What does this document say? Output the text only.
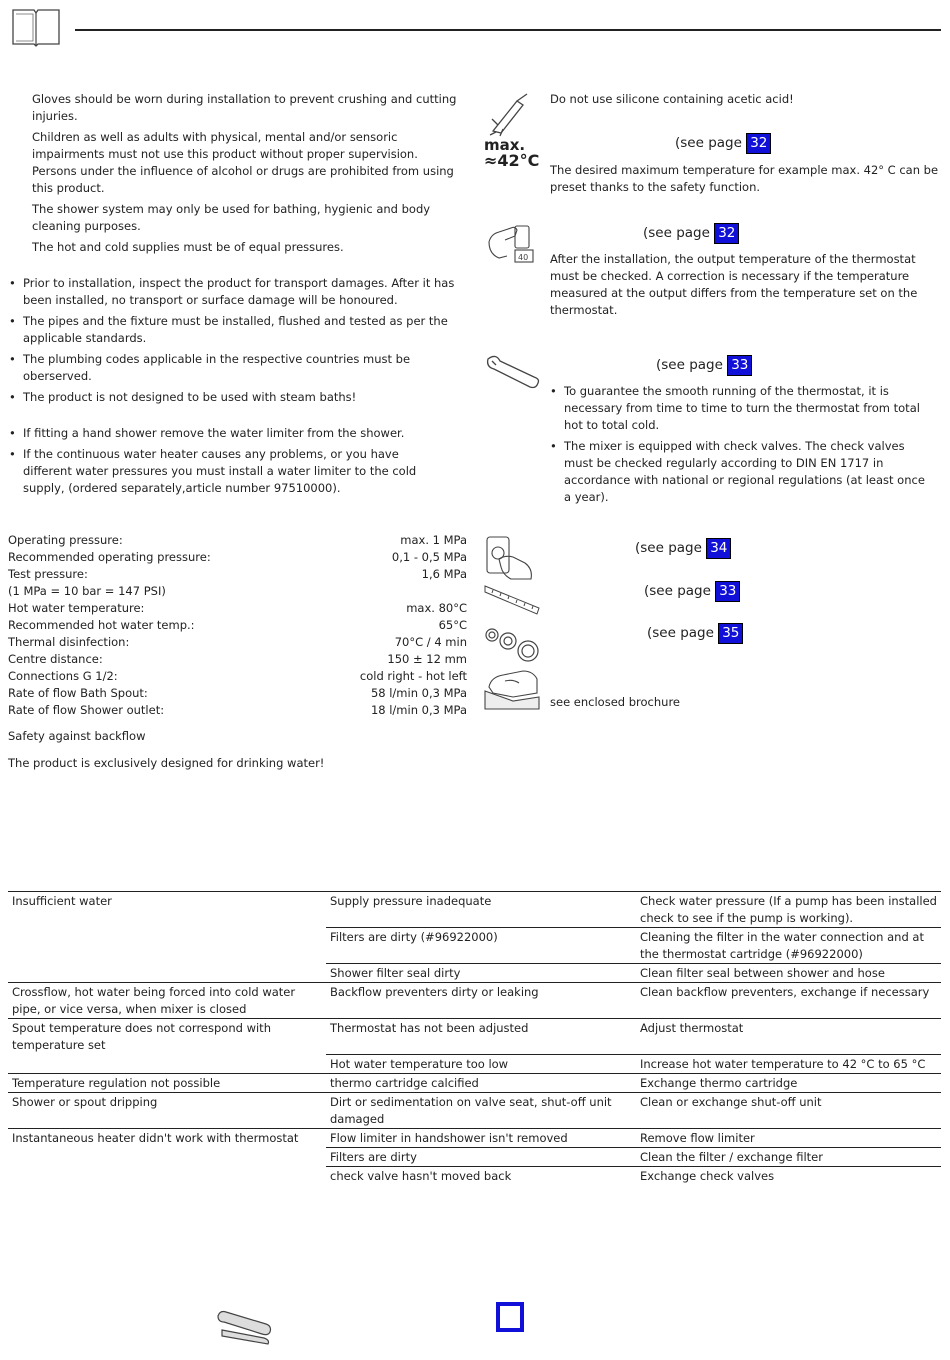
Gloves should be worn during installation to prevent crushing and cutting injuries.

Children as well as adults with physical, mental and/or sensoric impairments must not use this product without proper supervision. Persons under the influence of alcohol or drugs are prohibited from using this product.

The shower system may only be used for bathing, hygienic and body cleaning purposes.

The hot and cold supplies must be of equal pressures.

• Prior to installation, inspect the product for transport damages. After it has been installed, no transport or surface damage will be honoured.

• The pipes and the fixture must be installed, flushed and tested as per the applicable standards.

• The plumbing codes applicable in the respective countries must be oberserved.

• The product is not designed to be used with steam baths!

• If fitting a hand shower remove the water limiter from the shower.

• If the continuous water heater causes any problems, or you have different water pressures you must install a water limiter to the cold supply, (ordered separately,article number 97510000).

Operating pressure:	max. 1 MPa
Recommended operating pressure:	0,1 - 0,5 MPa
Test pressure:	1,6 MPa
(1 MPa = 10 bar = 147 PSI)	
Hot water temperature:	max. 80°C
Recommended hot water temp.:	65°C
Thermal disinfection:	70°C / 4 min
Centre distance:	150 ± 12 mm
Connections G 1/2:	cold right - hot left
Rate of flow Bath Spout:	58 l/min 0,3 MPa
Rate of flow Shower outlet:	18 l/min 0,3 MPa

Safety against backflow

The product is exclusively designed for drinking water!

Do not use silicone containing acetic acid!

max.
≈42°C
(see page 32

The desired maximum temperature for example max. 42° C can be preset thanks to the safety function.

40
(see page 32

After the installation, the output temperature of the thermostat must be checked. A correction is necessary if the temperature measured at the output differs from the temperature set on the thermostat.

(see page 33

• To guarantee the smooth running of the thermostat, it is necessary from time to time to turn the thermostat from total hot to total cold.

• The mixer is equipped with check valves. The check valves must be checked regularly according to DIN EN 1717 in accordance with national or regional regulations (at least once a year).

(see page 34
(see page 33
(see page 35

see enclosed brochure

Insufficient water	Supply pressure inadequate	Check water pressure (If a pump has been installed check to see if the pump is working).
	Filters are dirty (#96922000)	Cleaning the filter in the water connection and at the thermostat cartridge (#96922000)
	Shower filter seal dirty	Clean filter seal between shower and hose
Crossflow, hot water being forced into cold water pipe, or vice versa, when mixer is closed	Backflow preventers dirty or leaking	Clean backflow preventers, exchange if necessary
Spout temperature does not correspond with temperature set	Thermostat has not been adjusted	Adjust thermostat
	Hot water temperature too low	Increase hot water temperature to 42 °C to 65 °C
Temperature regulation not possible	thermo cartridge calcified	Exchange thermo cartridge
Shower or spout dripping	Dirt or sedimentation on valve seat, shut-off unit damaged	Clean or exchange shut-off unit
Instantaneous heater didn't work with thermostat	Flow limiter in handshower isn't removed	Remove flow limiter
	Filters are dirty	Clean the filter / exchange filter
	check valve hasn't moved back	Exchange check valves
